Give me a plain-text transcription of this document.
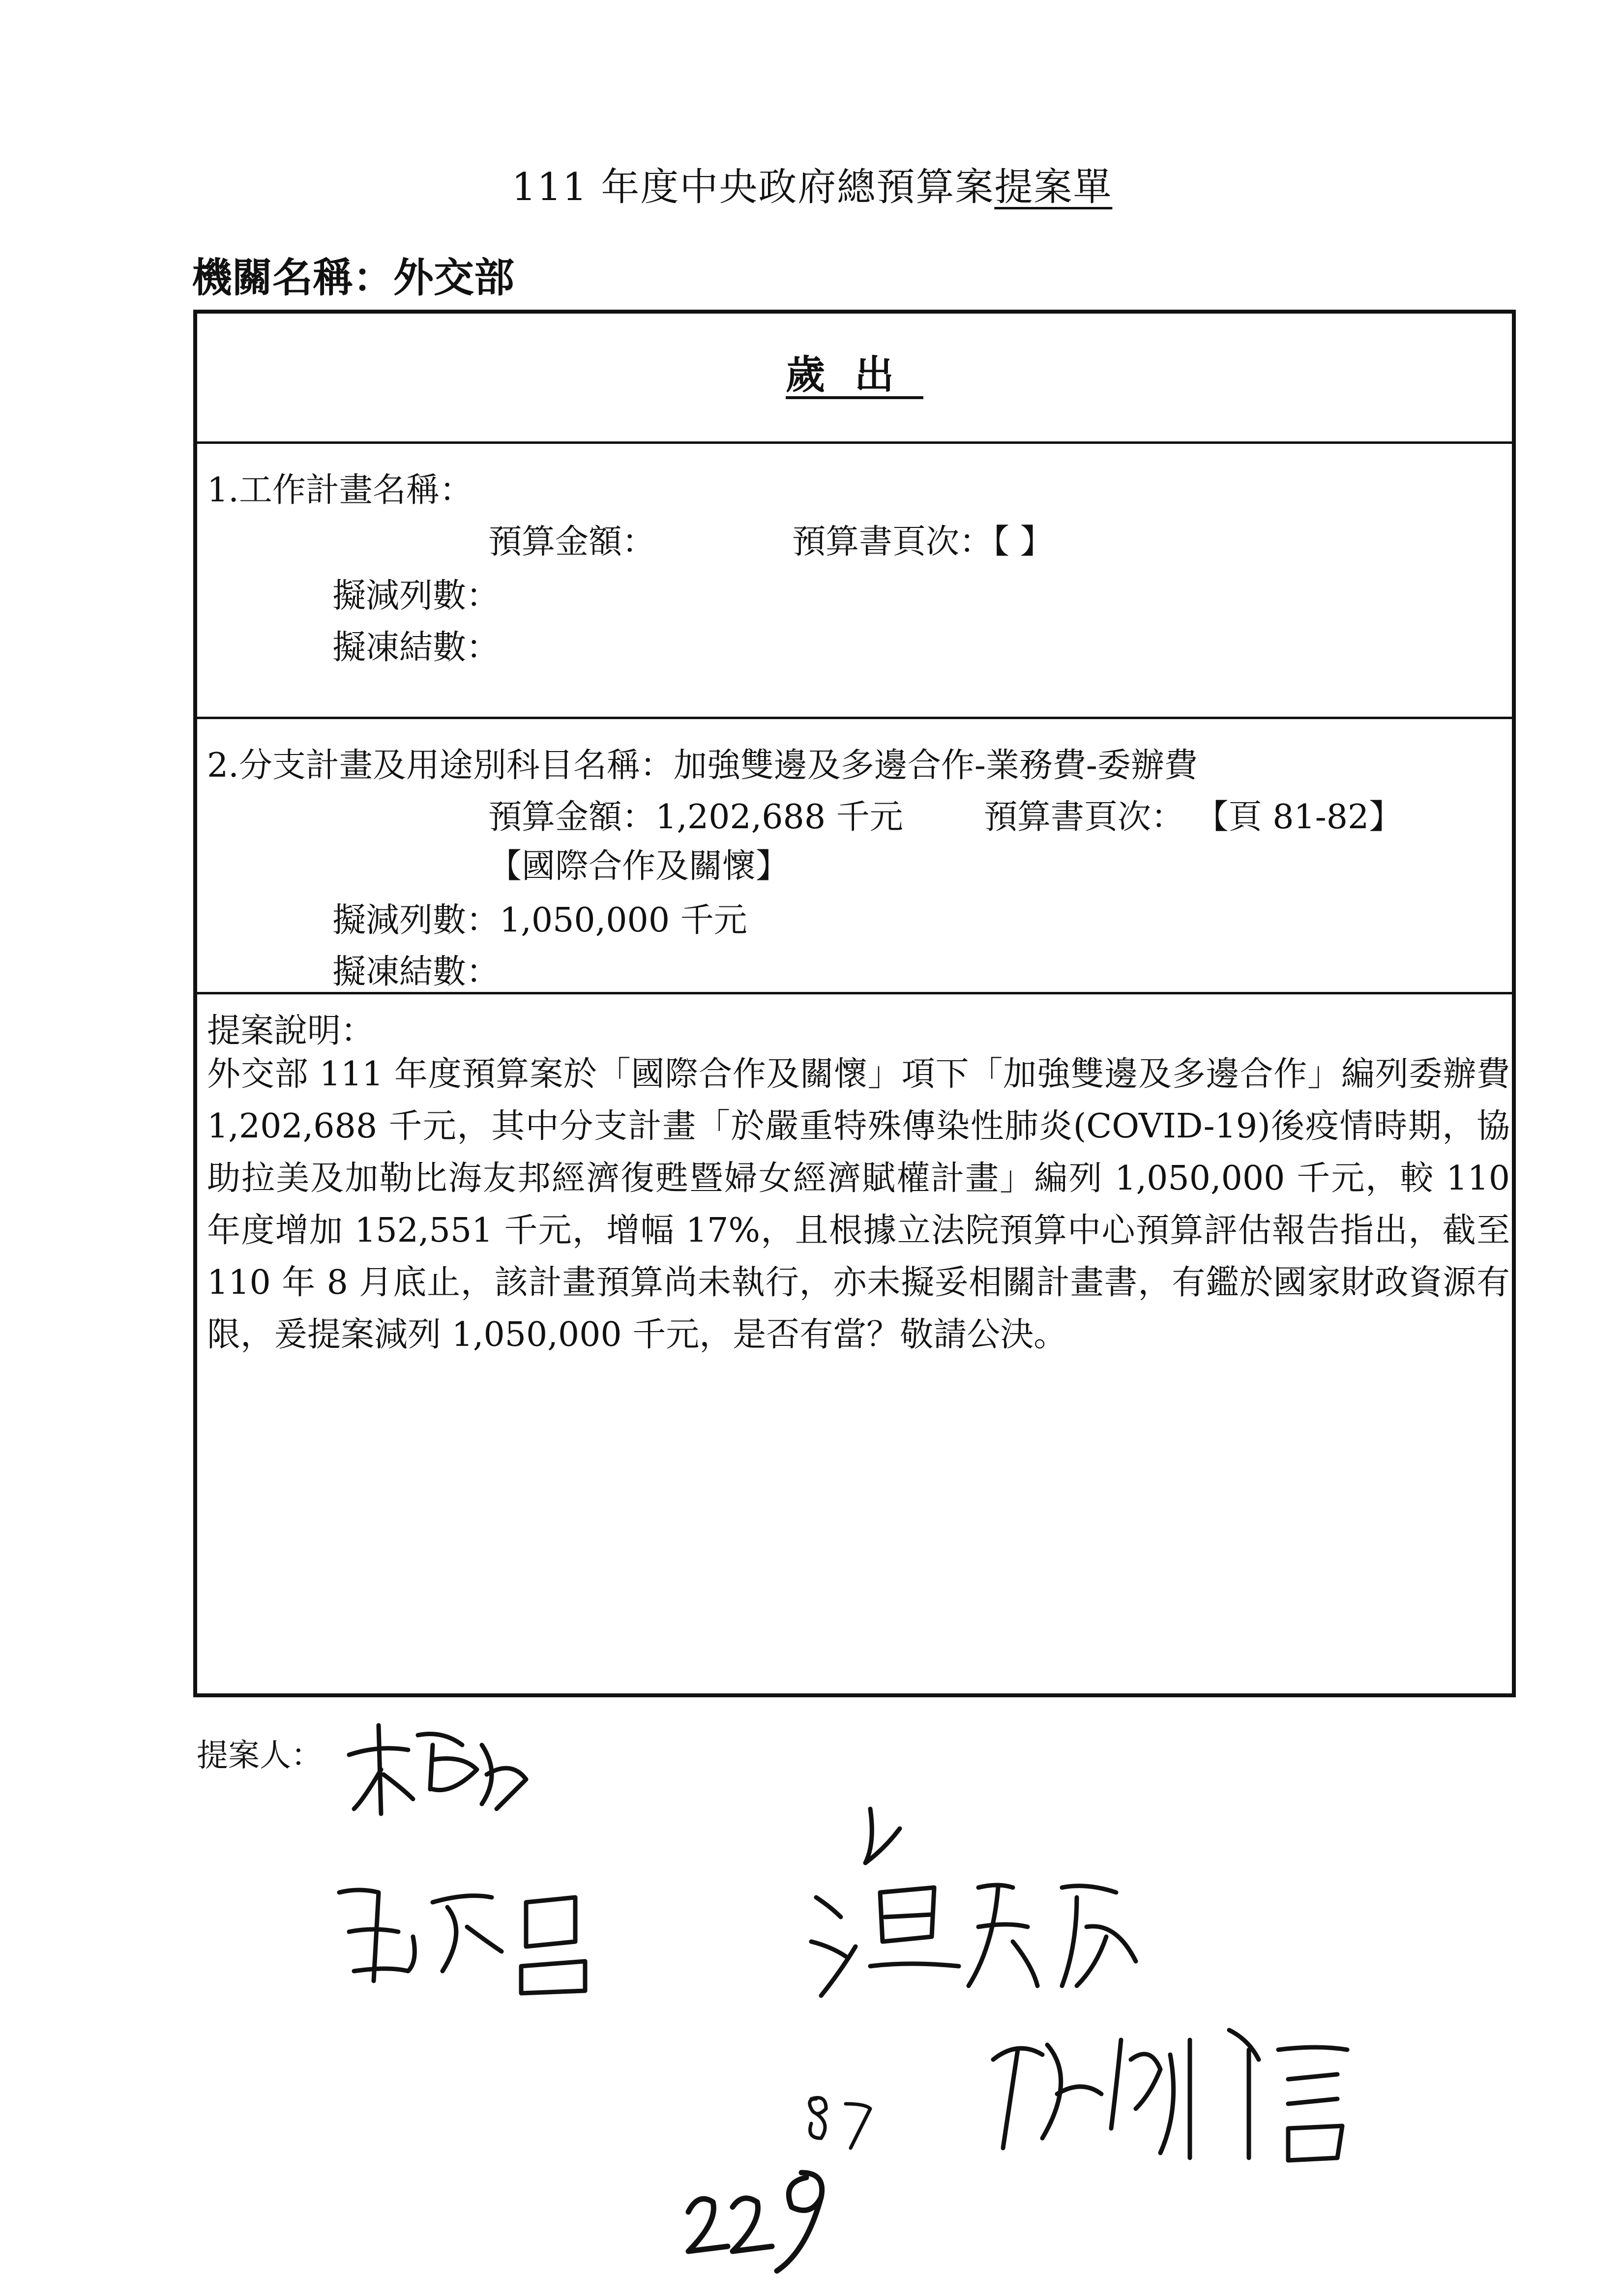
111 年度中央政府總預算案提案單
機關名稱：外交部
歲出
1.工作計畫名稱：
預算金額：	預算書頁次：【 】
擬減列數：
擬凍結數：
2.分支計畫及用途別科目名稱：加強雙邊及多邊合作-業務費-委辦費
預算金額：1,202,688 千元 預算書頁次： 【頁 81-82】
【國際合作及關懷】
擬減列數：1,050,000 千元
擬凍結數：
提案說明：
外交部 111 年度預算案於「國際合作及關懷」項下「加強雙邊及多邊合作」編列委辦費 1,202,688 千元，其中分支計畫「於嚴重特殊傳染性肺炎(COVID-19)後疫情時期，協助拉美及加勒比海友邦經濟復甦暨婦女經濟賦權計畫」編列 1,050,000 千元，較 110 年度增加 152,551 千元，增幅 17%，且根據立法院預算中心預算評估報告指出，截至 110 年 8 月底止，該計畫預算尚未執行，亦未擬妥相關計畫書，有鑑於國家財政資源有限，爰提案減列 1,050,000 千元，是否有當？敬請公決。
提案人：
